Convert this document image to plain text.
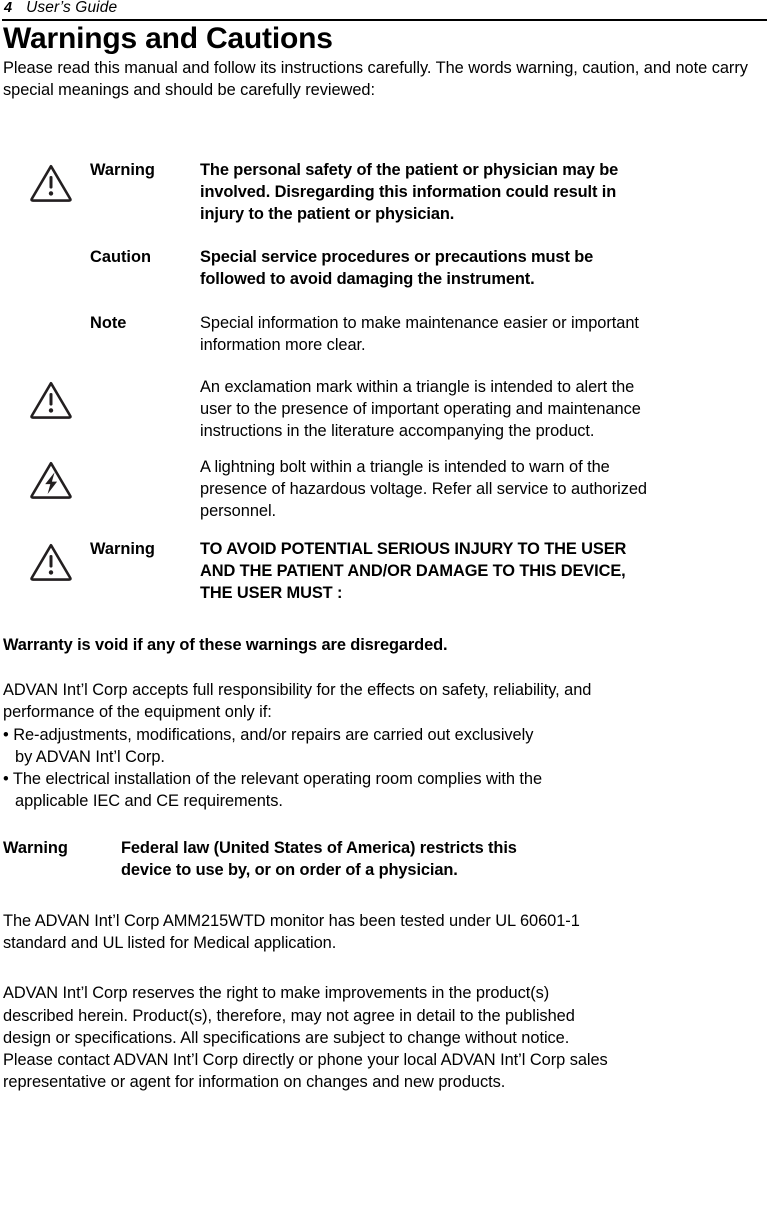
4 User’s Guide
Warnings and Cautions

Please read this manual and follow its instructions carefully. The words warning, caution, and note carry special meanings and should be carefully reviewed:

Warning	The personal safety of the patient or physician may be
involved. Disregarding this information could result in
injury to the patient or physician.
Caution	Special service procedures or precautions must be
followed to avoid damaging the instrument.
Note	Special information to make maintenance easier or important
information more clear.
An exclamation mark within a triangle is intended to alert the
user to the presence of important operating and maintenance
instructions in the literature accompanying the product.
A lightning bolt within a triangle is intended to warn of the
presence of hazardous voltage. Refer all service to authorized
personnel.
Warning	TO AVOID POTENTIAL SERIOUS INJURY TO THE USER
AND THE PATIENT AND/OR DAMAGE TO THIS DEVICE,
THE USER MUST :

Warranty is void if any of these warnings are disregarded.

ADVAN Int’l Corp accepts full responsibility for the effects on safety, reliability, and
performance of the equipment only if:
• Re-adjustments, modifications, and/or repairs are carried out exclusively
by ADVAN Int’l Corp.
• The electrical installation of the relevant operating room complies with the
applicable IEC and CE requirements.

Warning	Federal law (United States of America) restricts this
device to use by, or on order of a physician.

The ADVAN Int’l Corp AMM215WTD monitor has been tested under UL 60601-1
standard and UL listed for Medical application.

ADVAN Int’l Corp reserves the right to make improvements in the product(s)
described herein. Product(s), therefore, may not agree in detail to the published
design or specifications. All specifications are subject to change without notice.
Please contact ADVAN Int’l Corp directly or phone your local ADVAN Int’l Corp sales
representative or agent for information on changes and new products.
